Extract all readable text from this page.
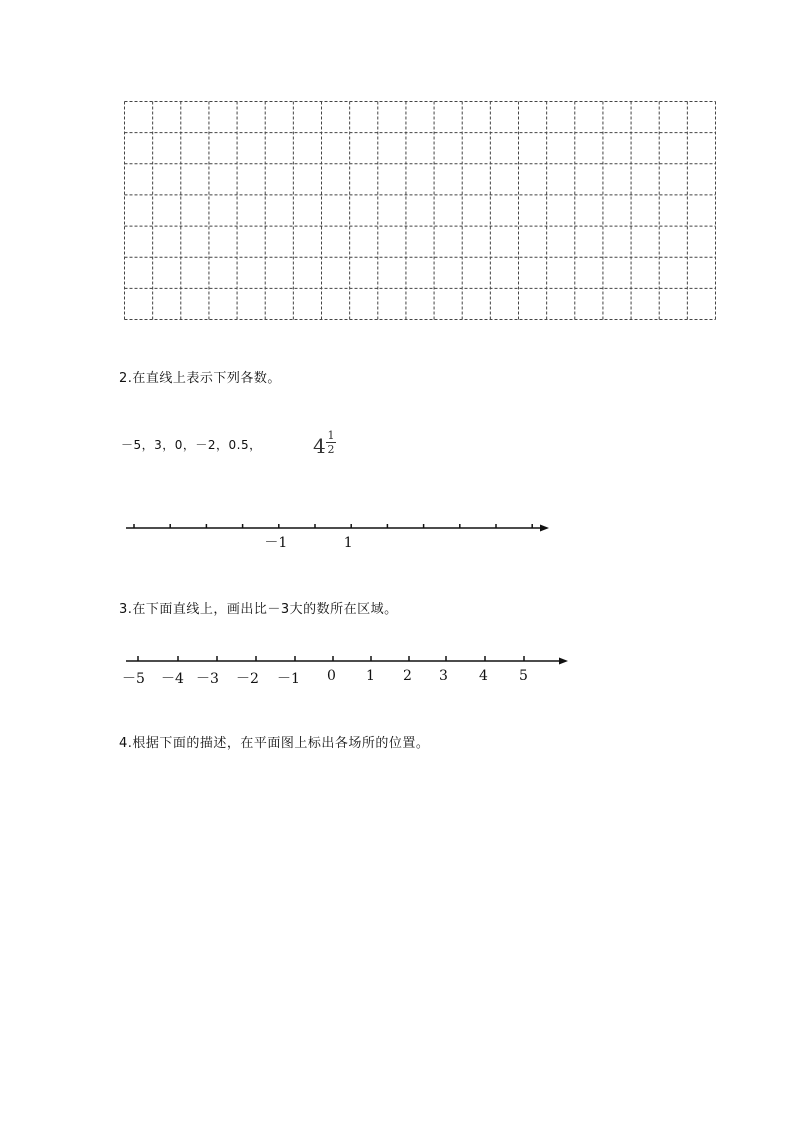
2.在直线上表示下列各数。
－5，3，0，－2，0.5，	4 1
2
－1	1
3.在下面直线上，画出比－3大的数所在区域。
－5 －4 －3 －2 －1 0 1 2 3 4 5
4.根据下面的描述，在平面图上标出各场所的位置。
